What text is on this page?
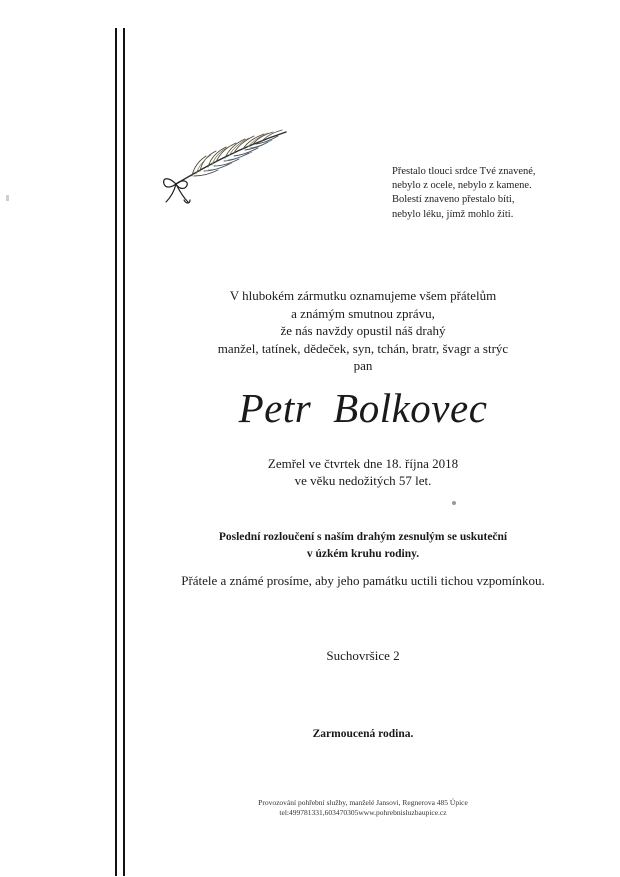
Přestalo tlouci srdce Tvé znavené,
nebylo z ocele, nebylo z kamene.
Bolestí znaveno přestalo bíti,
nebylo léku, jímž mohlo žíti.
V hlubokém zármutku oznamujeme všem přátelům
a známým smutnou zprávu,
že nás navždy opustil náš drahý
manžel, tatínek, dědeček, syn, tchán, bratr, švagr a strýc
pan
Petr Bolkovec
Zemřel ve čtvrtek dne 18. října 2018
ve věku nedožitých 57 let.
Poslední rozloučení s naším drahým zesnulým se uskuteční
v úzkém kruhu rodiny.
Přátele a známé prosíme, aby jeho památku uctili tichou vzpomínkou.
Suchovršice 2
Zarmoucená rodina.
Provozování pohřební služby, manželé Jansovi, Regnerova 485 Úpice
tel:499781331,603470305www.pohrebnisluzbaupice.cz
